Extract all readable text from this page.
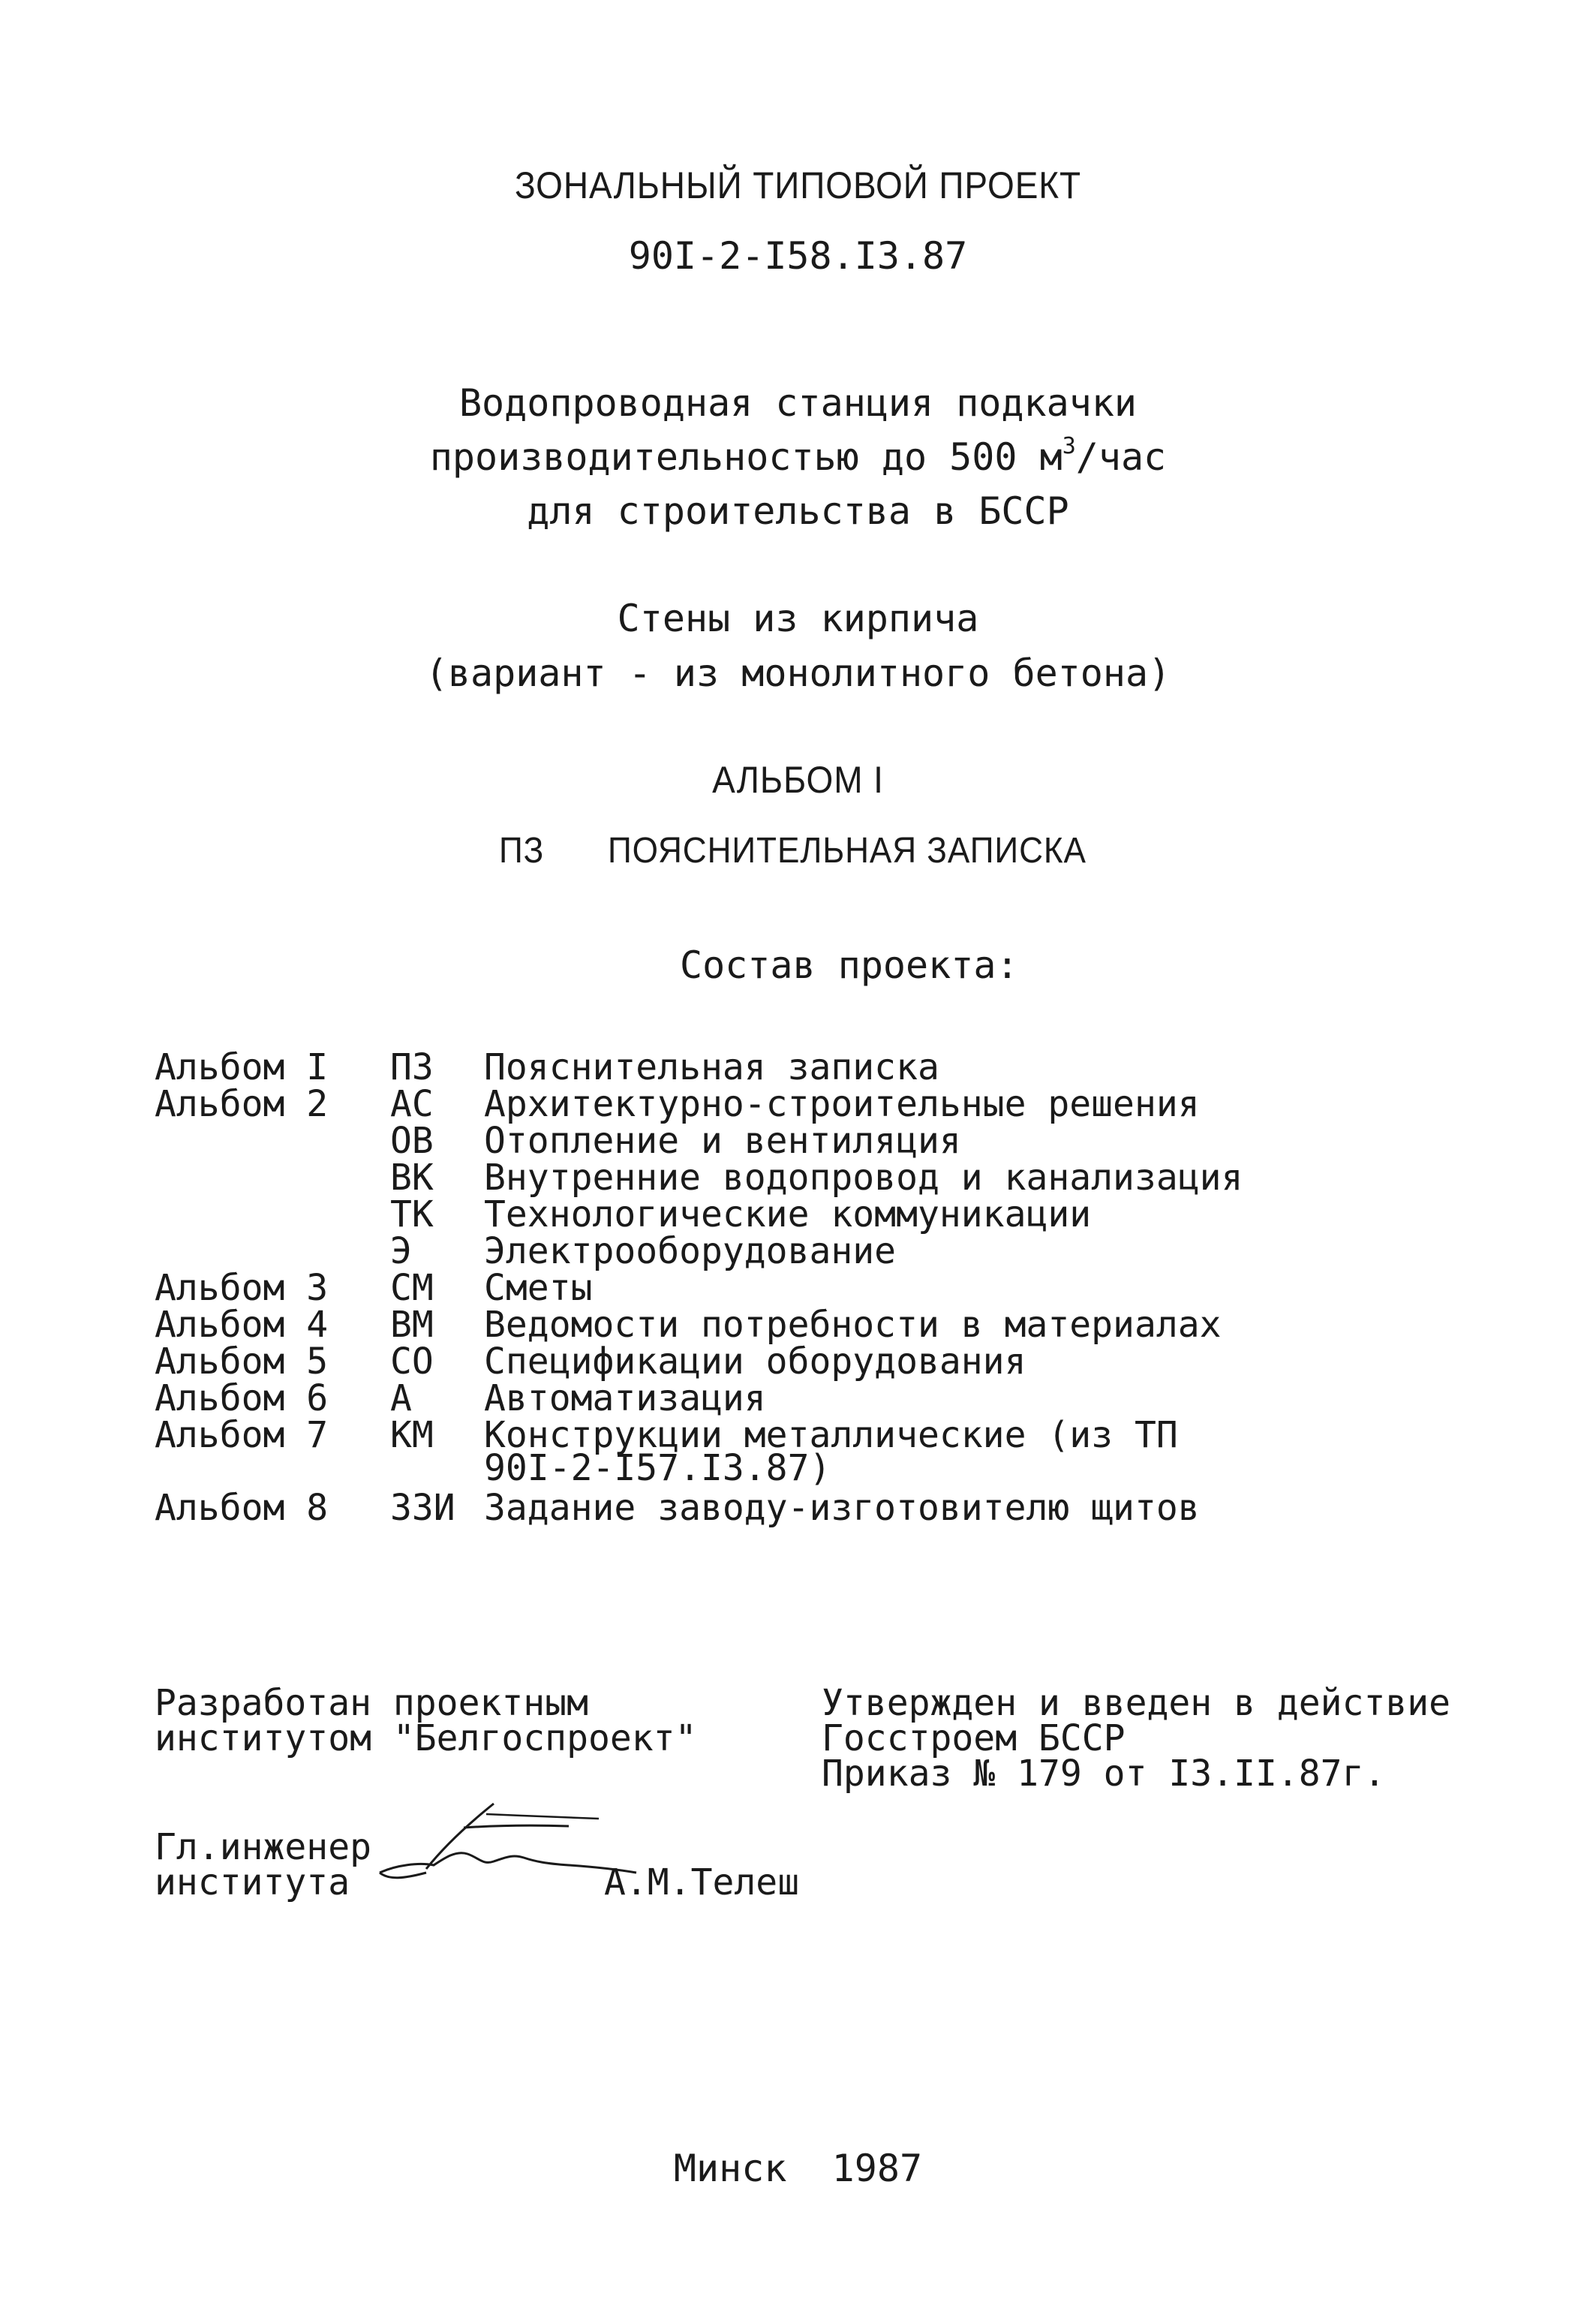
ЗОНАЛЬНЫЙ ТИПОВОЙ ПРОЕКТ
90I-2-I58.I3.87
Водопроводная станция подкачки
производительностью до 500 $м^3$/час
для строительства в БССР
Стены из кирпича
(вариант - из монолитного бетона)
АЛЬБОМ I
ПЗ ПОЯСНИТЕЛЬНАЯ ЗАПИСКА
Состав проекта:
Альбом I ПЗ	Пояснительная записка
Альбом 2 АС	Архитектурно-строительные решения
ОВ	Отопление и вентиляция
ВК	Внутренние водопровод и канализация
ТК	Технологические коммуникации
Э	Электрооборудование
Альбом 3 СМ	Сметы
Альбом 4 ВМ	Ведомости потребности в материалах
Альбом 5 СО	Спецификации оборудования
Альбом 6 А	Автоматизация
Альбом 7 КМ	Конструкции металлические (из ТП
90I-2-I57.I3.87)
Альбом 8 ЗЗИ Задание заводу-изготовителю щитов
Разработан проектным
институтом "Белгоспроект"
Утвержден и введен в действие
Госстроем БССР
Приказ № 179 от I3.II.87г.
Гл.инженер
института	А.М.Телеш
Минск  1987
